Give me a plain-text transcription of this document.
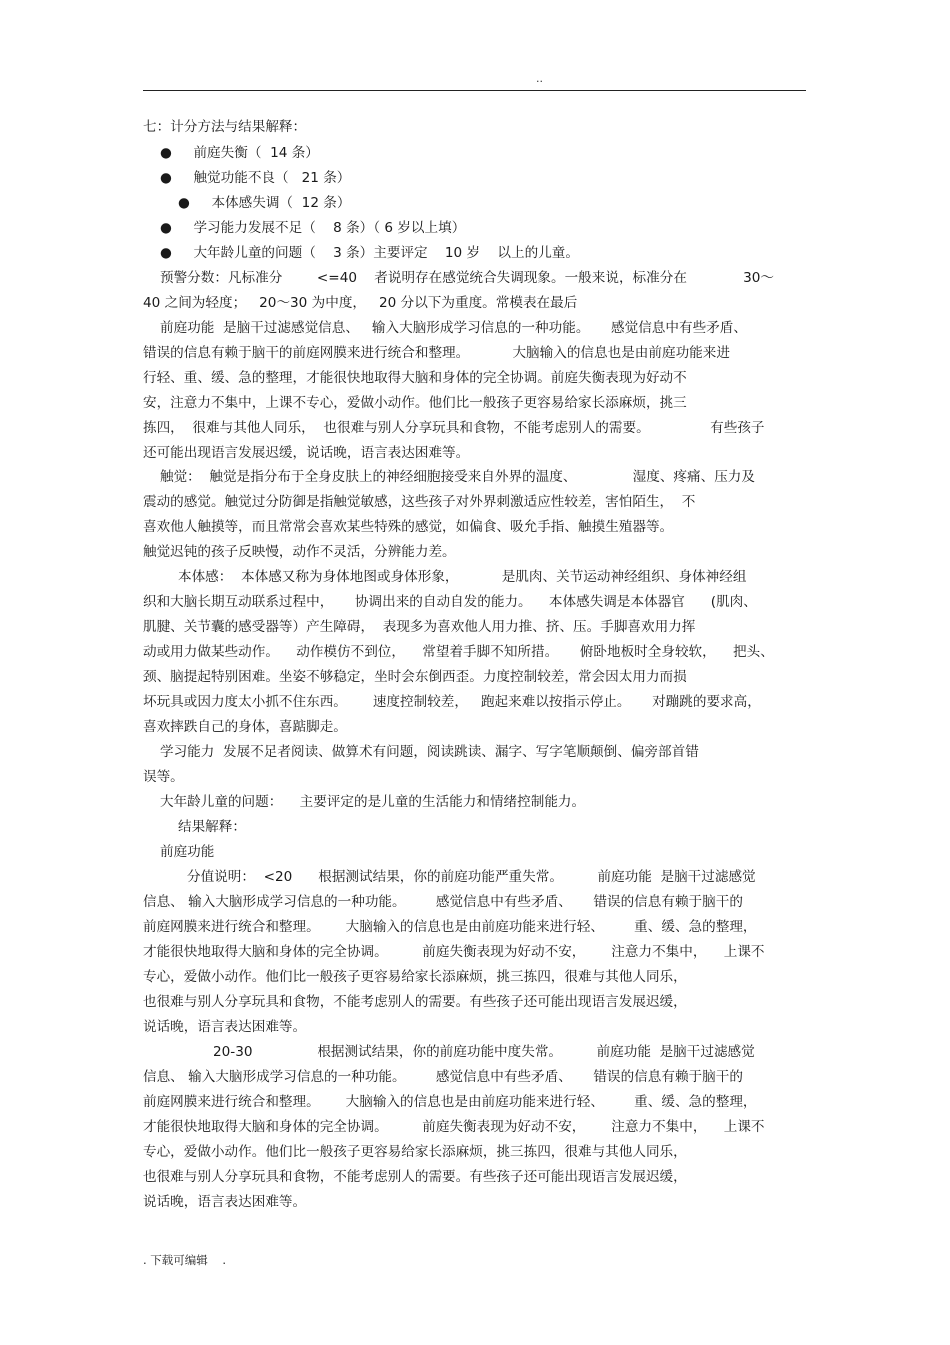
..
七：计分方法与结果解释：
●     前庭失衡（  14 条）
●     触觉功能不良（   21 条）
●     本体感失调（  12 条）
●     学习能力发展不足（    8 条）（ 6 岁以上填）
●     大年龄儿童的问题（    3 条）主要评定    10 岁    以上的儿童。
预警分数：凡标准分        <=40    者说明存在感觉统合失调现象。一般来说，标准分在             30～
40 之间为轻度；   20～30 为中度，   20 分以下为重度。常模表在最后
前庭功能  是脑干过滤感觉信息、   输入大脑形成学习信息的一种功能。     感觉信息中有些矛盾、
错误的信息有赖于脑干的前庭网膜来进行统合和整理。          大脑输入的信息也是由前庭功能来进
行轻、重、缓、急的整理，才能很快地取得大脑和身体的完全协调。前庭失衡表现为好动不
安，注意力不集中，上课不专心，爱做小动作。他们比一般孩子更容易给家长添麻烦，挑三
拣四，  很难与其他人同乐，  也很难与别人分享玩具和食物，不能考虑别人的需要。              有些孩子
还可能出现语言发展迟缓，说话晚，语言表达困难等。
触觉：  触觉是指分布于全身皮肤上的神经细胞接受来自外界的温度、             湿度、疼痛、压力及
震动的感觉。触觉过分防御是指触觉敏感，这些孩子对外界刺激适应性较差，害怕陌生，  不
喜欢他人触摸等，而且常常会喜欢某些特殊的感觉，如偏食、吸允手指、触摸生殖器等。
触觉迟钝的孩子反映慢，动作不灵活，分辨能力差。
本体感：  本体感又称为身体地图或身体形象，          是肌肉、关节运动神经组织、身体神经组
织和大脑长期互动联系过程中，     协调出来的自动自发的能力。    本体感失调是本体器官      (肌肉、
肌腱、关节囊的感受器等）产生障碍，  表现多为喜欢他人用力推、挤、压。手脚喜欢用力挥
动或用力做某些动作。    动作模仿不到位，    常望着手脚不知所措。     俯卧地板时全身较软，    把头、
颈、脑提起特别困难。坐姿不够稳定，坐时会东倒西歪。力度控制较差，常会因太用力而损
坏玩具或因力度太小抓不住东西。      速度控制较差，   跑起来难以按指示停止。     对蹦跳的要求高，
喜欢摔跌自己的身体，喜踮脚走。
学习能力  发展不足者阅读、做算术有问题，阅读跳读、漏字、写字笔顺颠倒、偏旁部首错
误等。
大年龄儿童的问题：    主要评定的是儿童的生活能力和情绪控制能力。
结果解释：
前庭功能
分值说明：  <20      根据测试结果，你的前庭功能严重失常。        前庭功能  是脑干过滤感觉
信息、 输入大脑形成学习信息的一种功能。       感觉信息中有些矛盾、     错误的信息有赖于脑干的
前庭网膜来进行统合和整理。      大脑输入的信息也是由前庭功能来进行轻、       重、缓、急的整理，
才能很快地取得大脑和身体的完全协调。        前庭失衡表现为好动不安，      注意力不集中，    上课不
专心，爱做小动作。他们比一般孩子更容易给家长添麻烦，挑三拣四，很难与其他人同乐，
也很难与别人分享玩具和食物，不能考虑别人的需要。有些孩子还可能出现语言发展迟缓，
说话晚，语言表达困难等。
20-30               根据测试结果，你的前庭功能中度失常。        前庭功能  是脑干过滤感觉
信息、 输入大脑形成学习信息的一种功能。       感觉信息中有些矛盾、     错误的信息有赖于脑干的
前庭网膜来进行统合和整理。      大脑输入的信息也是由前庭功能来进行轻、       重、缓、急的整理，
才能很快地取得大脑和身体的完全协调。        前庭失衡表现为好动不安，      注意力不集中，    上课不
专心，爱做小动作。他们比一般孩子更容易给家长添麻烦，挑三拣四，很难与其他人同乐，
也很难与别人分享玩具和食物，不能考虑别人的需要。有些孩子还可能出现语言发展迟缓，
说话晚，语言表达困难等。
. 下载可编辑    .
